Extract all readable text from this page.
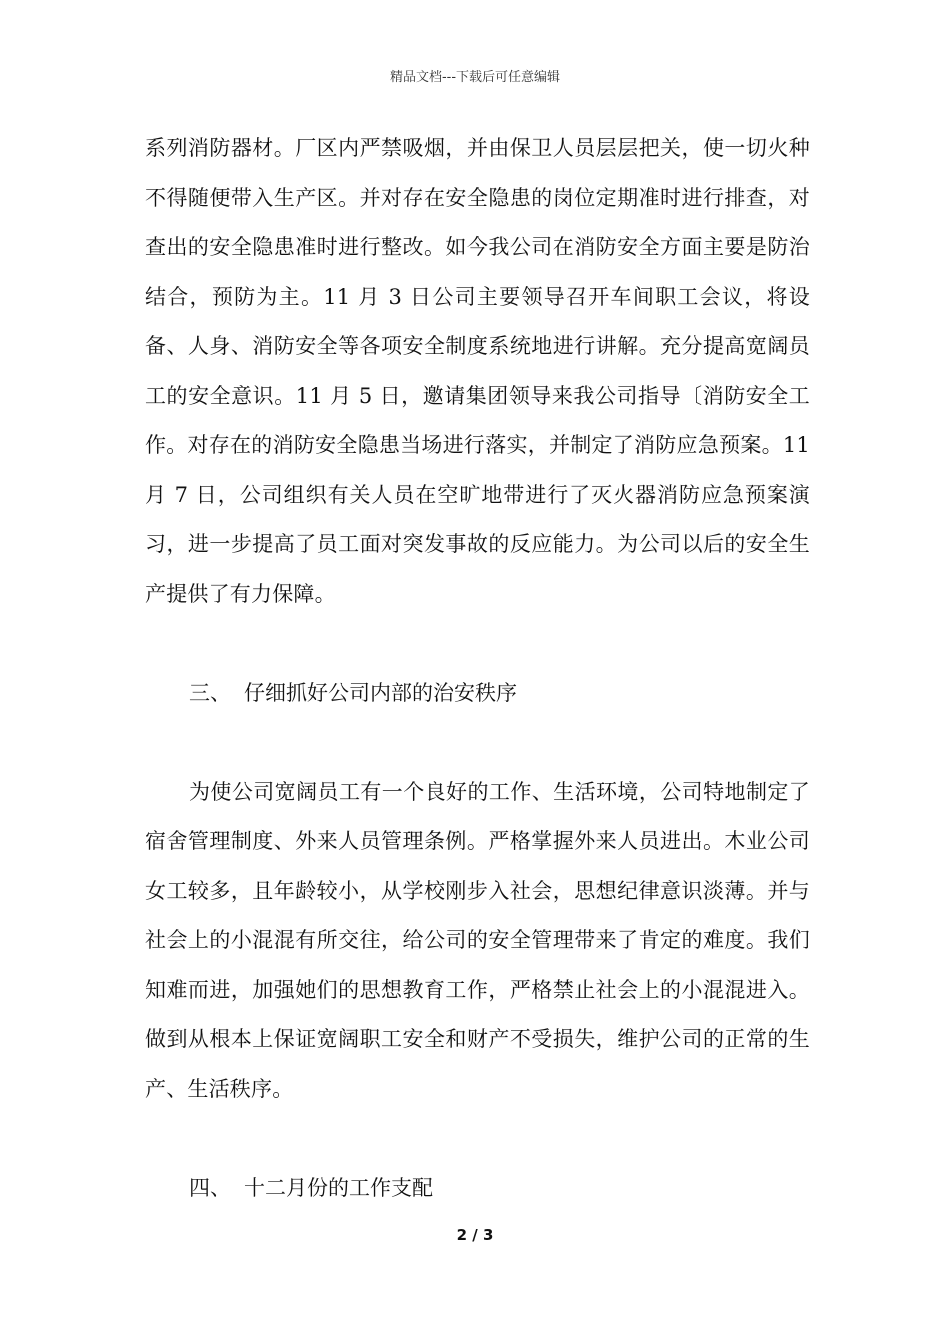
精品文档---下载后可任意编辑

系列消防器材。厂区内严禁吸烟，并由保卫人员层层把关，使一切火种不得随便带入生产区。并对存在安全隐患的岗位定期准时进行排查，对查出的安全隐患准时进行整改。如今我公司在消防安全方面主要是防治结合，预防为主。11 月 3 日公司主要领导召开车间职工会议，将设备、人身、消防安全等各项安全制度系统地进行讲解。充分提高宽阔员工的安全意识。11 月 5 日，邀请集团领导来我公司指导〔消防安全工作。对存在的消防安全隐患当场进行落实，并制定了消防应急预案。11 月 7 日，公司组织有关人员在空旷地带进行了灭火器消防应急预案演习，进一步提高了员工面对突发事故的反应能力。为公司以后的安全生产提供了有力保障。

三、 仔细抓好公司内部的治安秩序

为使公司宽阔员工有一个良好的工作、生活环境，公司特地制定了宿舍管理制度、外来人员管理条例。严格掌握外来人员进出。木业公司女工较多，且年龄较小，从学校刚步入社会，思想纪律意识淡薄。并与社会上的小混混有所交往，给公司的安全管理带来了肯定的难度。我们知难而进，加强她们的思想教育工作，严格禁止社会上的小混混进入。做到从根本上保证宽阔职工安全和财产不受损失，维护公司的正常的生产、生活秩序。

四、 十二月份的工作支配

2 / 3
